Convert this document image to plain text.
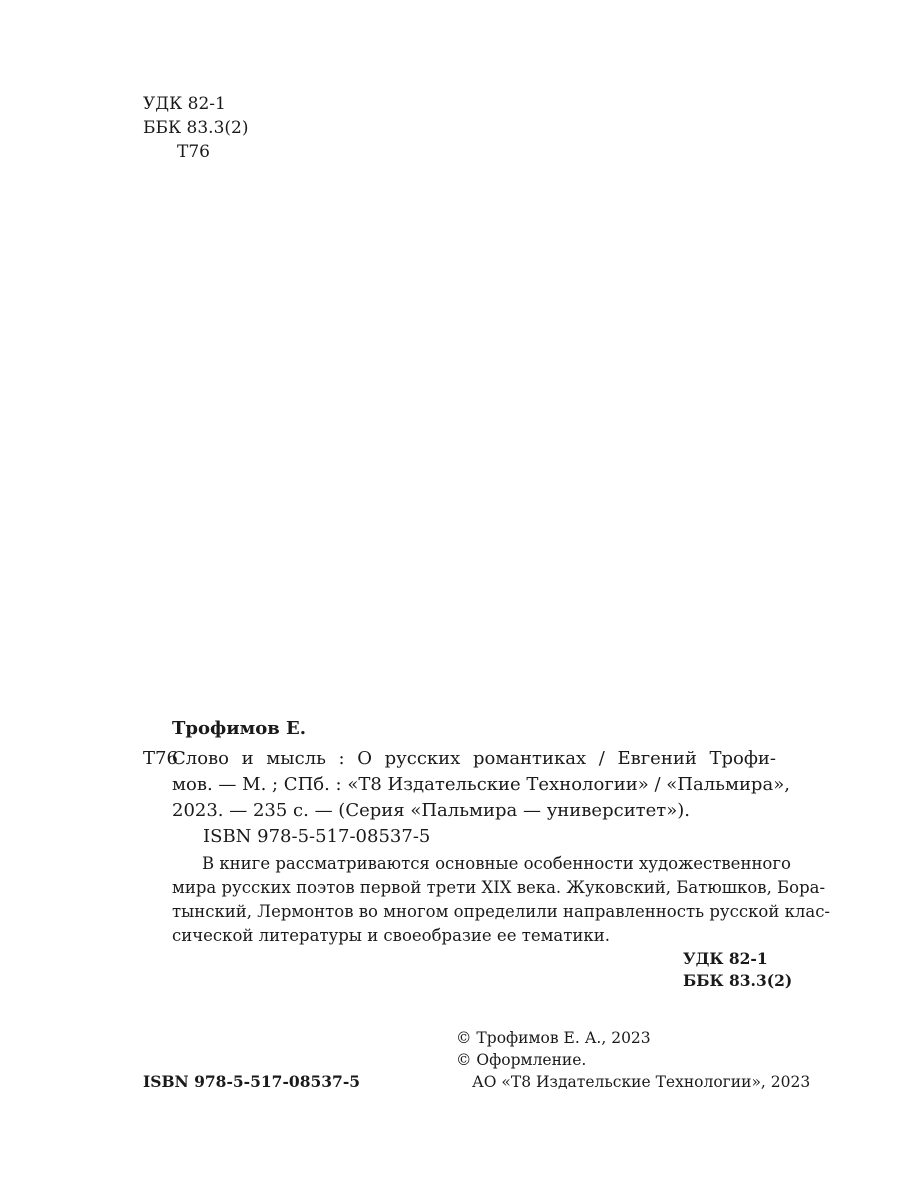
УДК 82-1
ББК 83.3(2)
Т76
Трофимов Е.
Т76
Слово и мысль : О русских романтиках / Евгений Трофи-
мов. — М. ; СПб. : «Т8 Издательские Технологии» / «Пальмира»,
2023. — 235 с. — (Серия «Пальмира — университет»).
ISBN 978-5-517-08537-5
В книге рассматриваются основные особенности художественного
мира русских поэтов первой трети XIX века. Жуковский, Батюшков, Бора-
тынский, Лермонтов во многом определили направленность русской клас-
сической литературы и своеобразие ее тематики.
УДК 82-1
ББК 83.3(2)
© Трофимов Е. А., 2023
© Оформление.
АО «Т8 Издательские Технологии», 2023
ISBN 978-5-517-08537-5
